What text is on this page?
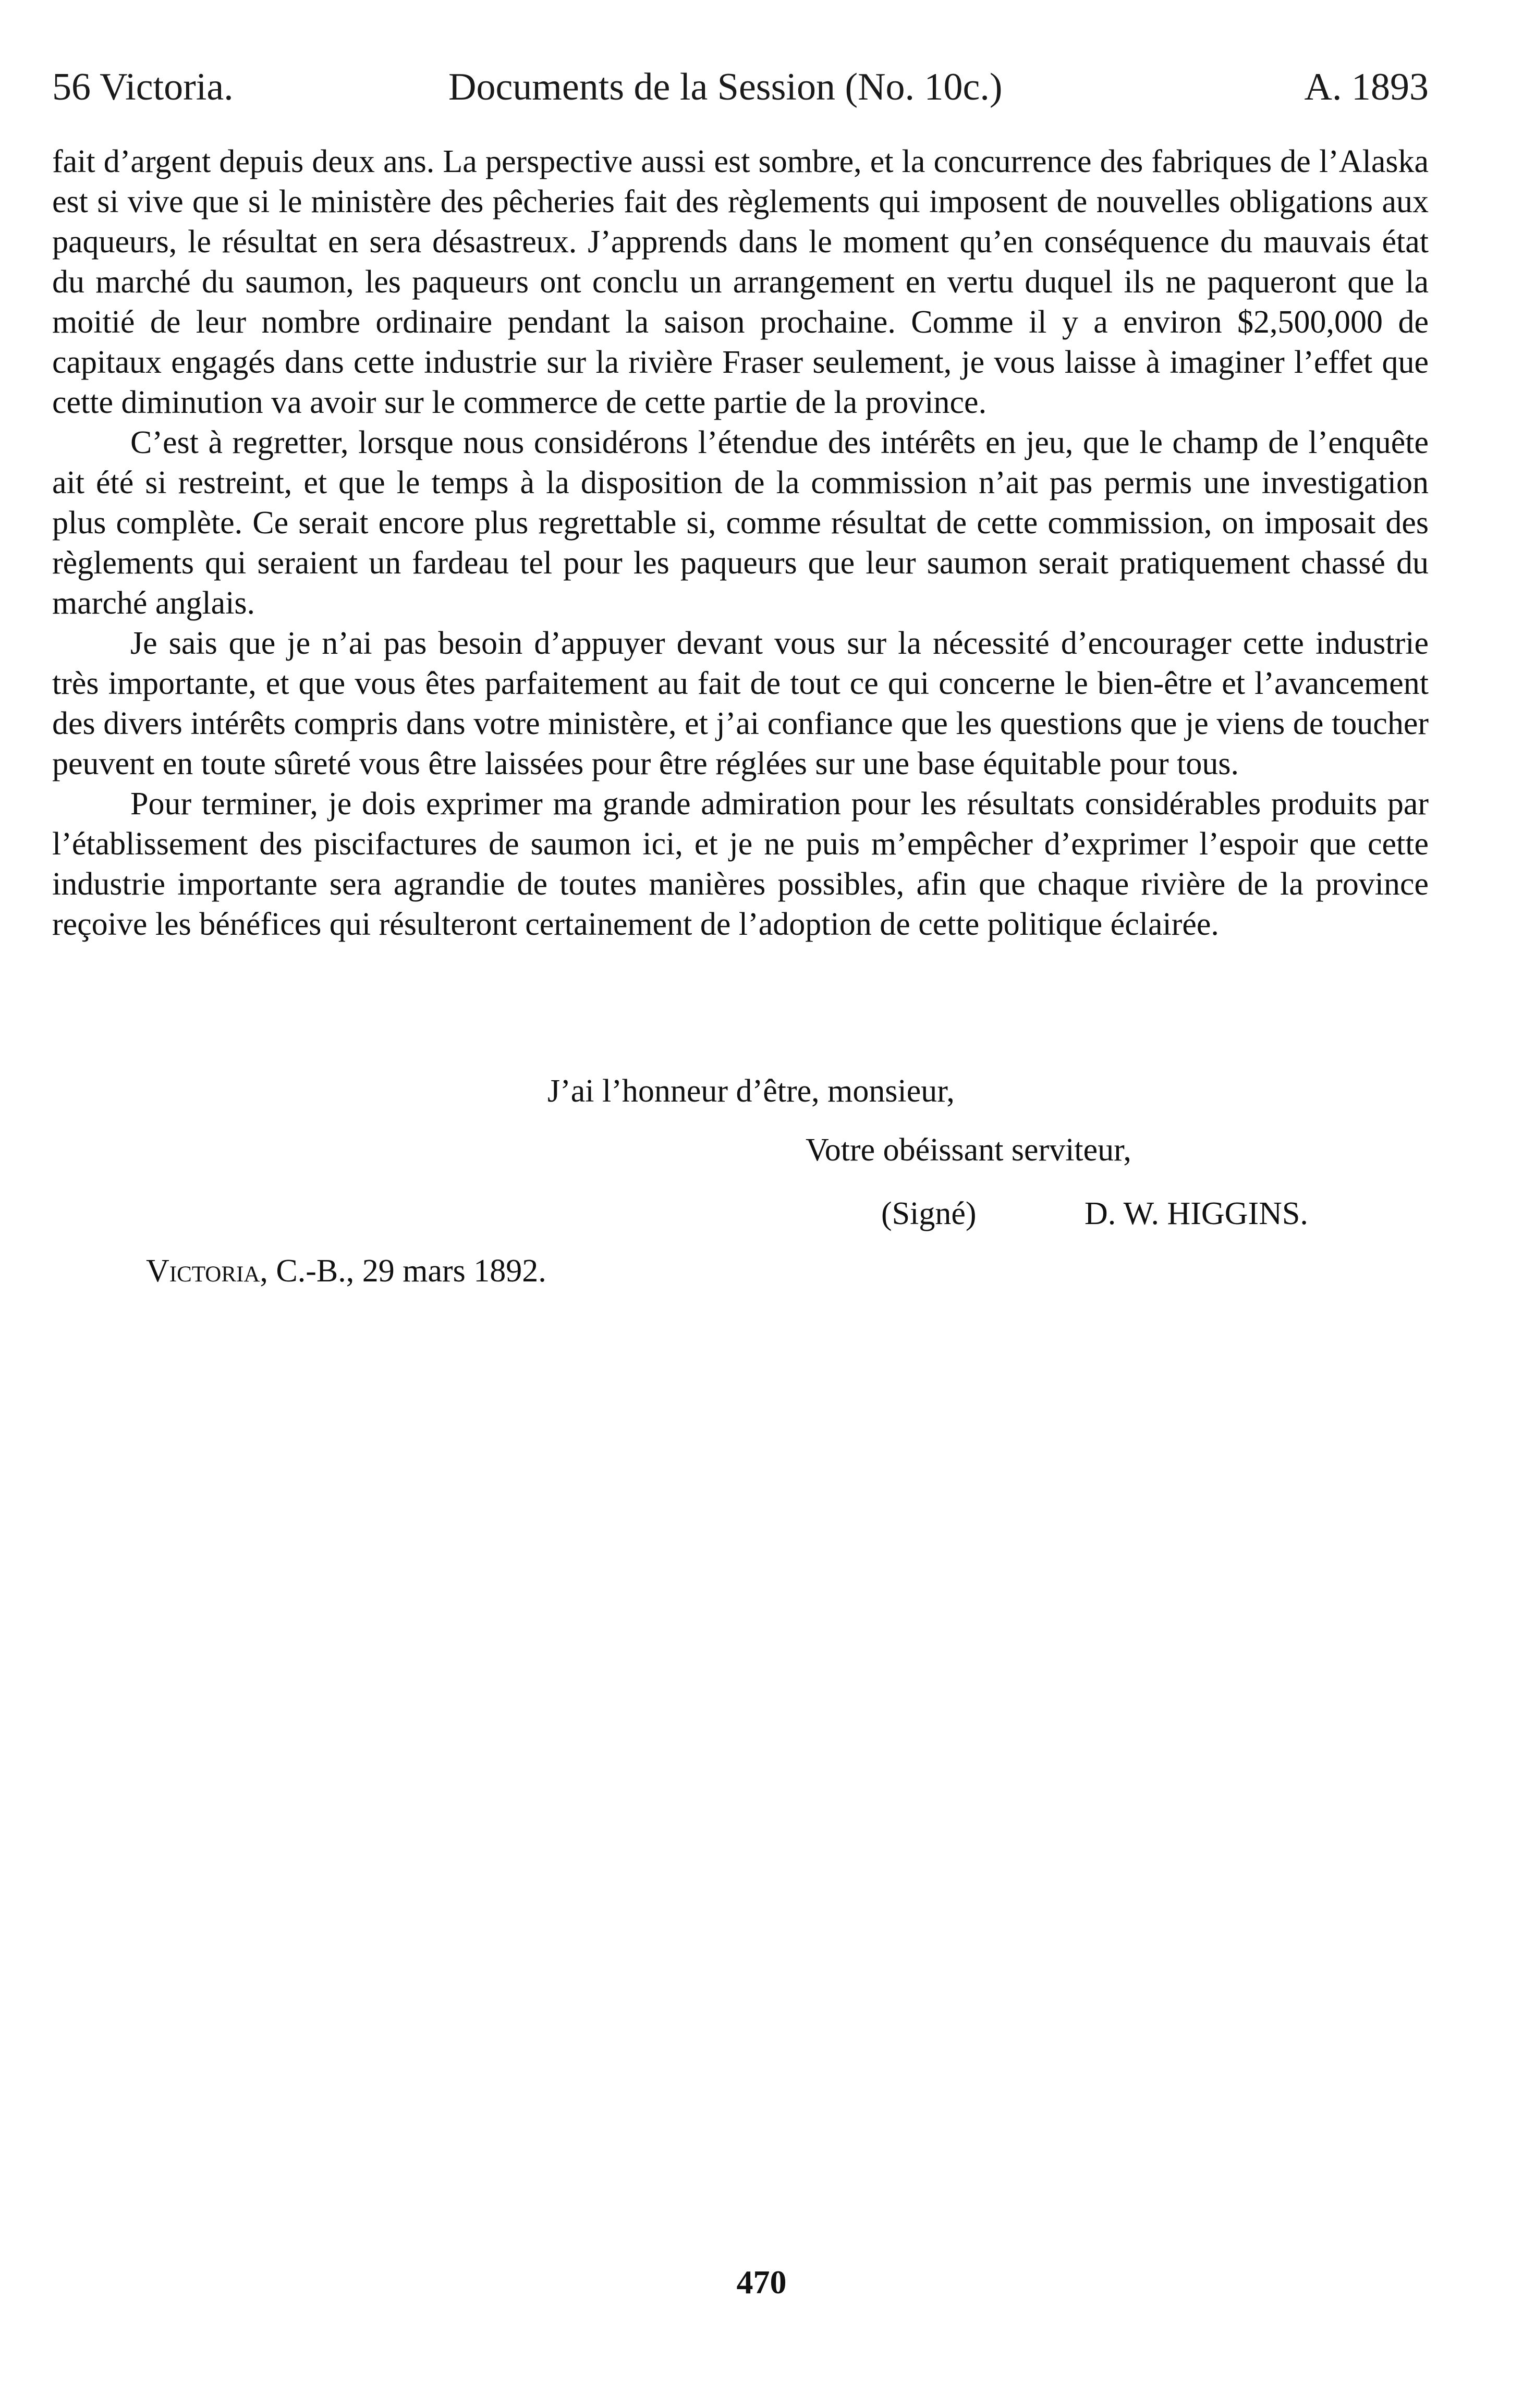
56 Victoria.	Documents de la Session (No. 10c.)	A. 1893

fait d’argent depuis deux ans. La perspective aussi est sombre, et la concurrence des fabriques de l’Alaska est si vive que si le ministère des pêcheries fait des règlements qui imposent de nouvelles obligations aux paqueurs, le résultat en sera désastreux. J’apprends dans le moment qu’en conséquence du mauvais état du marché du saumon, les paqueurs ont conclu un arrangement en vertu duquel ils ne paqueront que la moitié de leur nombre ordinaire pendant la saison prochaine. Comme il y a environ $2,500,000 de capitaux engagés dans cette industrie sur la rivière Fraser seulement, je vous laisse à imaginer l’effet que cette diminution va avoir sur le commerce de cette partie de la province.

C’est à regretter, lorsque nous considérons l’étendue des intérêts en jeu, que le champ de l’enquête ait été si restreint, et que le temps à la disposition de la commission n’ait pas permis une investigation plus complète. Ce serait encore plus regrettable si, comme résultat de cette commission, on imposait des règlements qui seraient un fardeau tel pour les paqueurs que leur saumon serait pratiquement chassé du marché anglais.

Je sais que je n’ai pas besoin d’appuyer devant vous sur la nécessité d’encourager cette industrie très importante, et que vous êtes parfaitement au fait de tout ce qui concerne le bien-être et l’avancement des divers intérêts compris dans votre ministère, et j’ai confiance que les questions que je viens de toucher peuvent en toute sûreté vous être laissées pour être réglées sur une base équitable pour tous.

Pour terminer, je dois exprimer ma grande admiration pour les résultats considérables produits par l’établissement des piscifactures de saumon ici, et je ne puis m’empêcher d’exprimer l’espoir que cette industrie importante sera agrandie de toutes manières possibles, afin que chaque rivière de la province reçoive les bénéfices qui résulteront certainement de l’adoption de cette politique éclairée.

J’ai l’honneur d’être, monsieur,
Votre obéissant serviteur,
(Signé)	D. W. HIGGINS.
Victoria, C.-B., 29 mars 1892.
470
